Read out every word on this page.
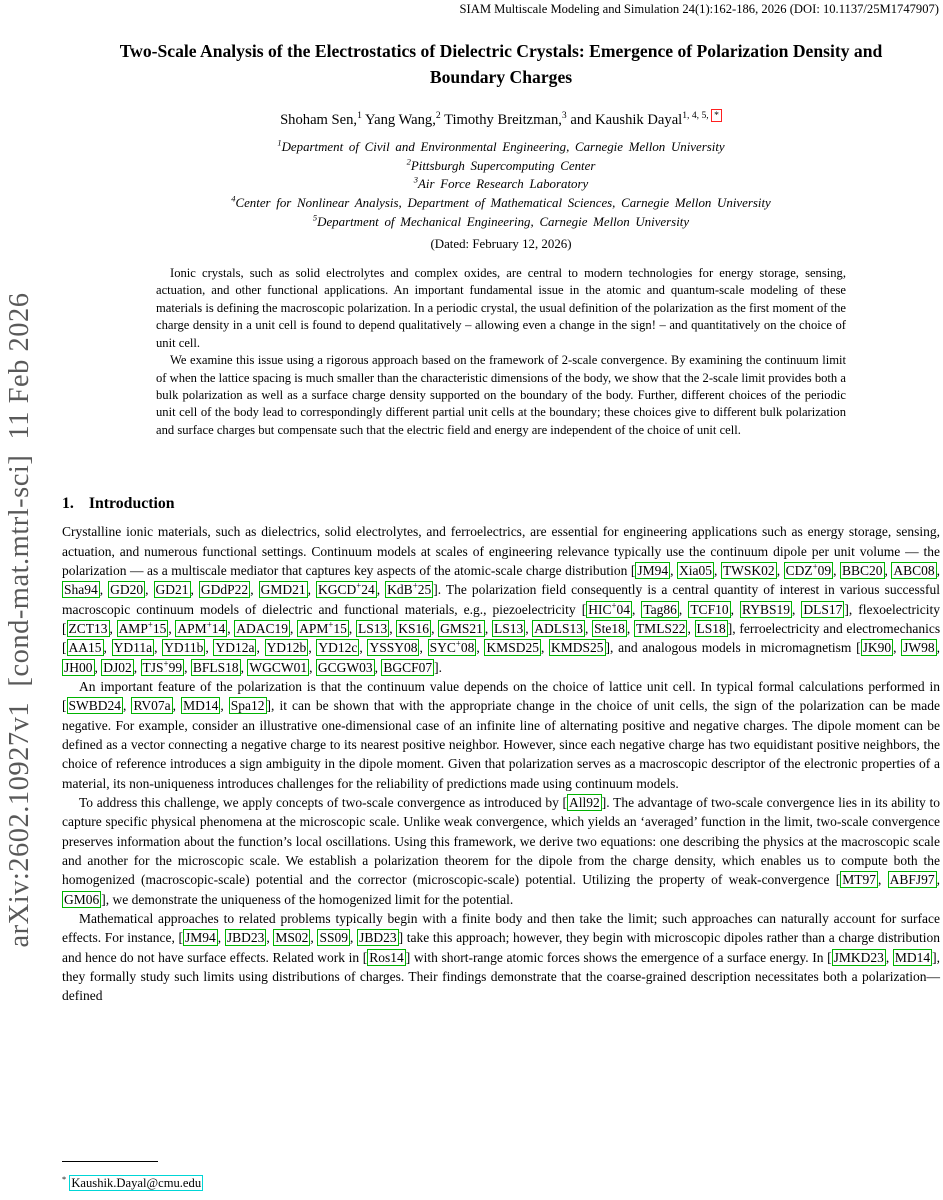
arXiv:2602.10927v1  [cond-mat.mtrl-sci]  11 Feb 2026
SIAM Multiscale Modeling and Simulation 24(1):162-186, 2026 (DOI: 10.1137/25M1747907)
Two-Scale Analysis of the Electrostatics of Dielectric Crystals: Emergence of Polarization Density and Boundary Charges
Shoham Sen,$^1$ Yang Wang,$^2$ Timothy Breitzman,$^3$ and Kaushik Dayal$^{1, 4, 5,}$ *
$^1$Department of Civil and Environmental Engineering, Carnegie Mellon University
$^2$Pittsburgh Supercomputing Center
$^3$Air Force Research Laboratory
$^4$Center for Nonlinear Analysis, Department of Mathematical Sciences, Carnegie Mellon University
$^5$Department of Mechanical Engineering, Carnegie Mellon University
(Dated: February 12, 2026)

Ionic crystals, such as solid electrolytes and complex oxides, are central to modern technologies for energy storage, sensing, actuation, and other functional applications. An important fundamental issue in the atomic and quantum-scale modeling of these materials is defining the macroscopic polarization. In a periodic crystal, the usual definition of the polarization as the first moment of the charge density in a unit cell is found to depend qualitatively – allowing even a change in the sign! – and quantitatively on the choice of unit cell.

We examine this issue using a rigorous approach based on the framework of 2-scale convergence. By examining the continuum limit of when the lattice spacing is much smaller than the characteristic dimensions of the body, we show that the 2-scale limit provides both a bulk polarization as well as a surface charge density supported on the boundary of the body. Further, different choices of the periodic unit cell of the body lead to correspondingly different partial unit cells at the boundary; these choices give to different bulk polarization and surface charges but compensate such that the electric field and energy are independent of the choice of unit cell.

1. Introduction

Crystalline ionic materials, such as dielectrics, solid electrolytes, and ferroelectrics, are essential for engineering applications such as energy storage, sensing, actuation, and numerous functional settings. Continuum models at scales of engineering relevance typically use the continuum dipole per unit volume — the polarization — as a multiscale mediator that captures key aspects of the atomic-scale charge distribution [ JM94 , Xia05 , TWSK02 , CDZ+09 , BBC20 , ABC08 , Sha94 , GD20 , GD21 , GDdP22 , GMD21 , KGCD+24 , KdB+25 ]. The polarization field consequently is a central quantity of interest in various successful macroscopic continuum models of dielectric and functional materials, e.g., piezoelectricity [ HIC+04 , Tag86 , TCF10 , RYBS19 , DLS17 ], flexoelectricity [ ZCT13 , AMP+15 , APM+14 , ADAC19 , APM+15 , LS13 , KS16 , GMS21 , LS13 , ADLS13 , Ste18 , TMLS22 , LS18 ], ferroelectricity and electromechanics [ AA15 , YD11a , YD11b , YD12a , YD12b , YD12c , YSSY08 , SYC+08 , KMSD25 , KMDS25 ], and analogous models in micromagnetism [ JK90 , JW98 , JH00 , DJ02 , TJS+99 , BFLS18 , WGCW01 , GCGW03 , BGCF07 ].

An important feature of the polarization is that the continuum value depends on the choice of lattice unit cell. In typical formal calculations performed in [ SWBD24 , RV07a , MD14 , Spa12 ], it can be shown that with the appropriate change in the choice of unit cells, the sign of the polarization can be made negative. For example, consider an illustrative one-dimensional case of an infinite line of alternating positive and negative charges. The dipole moment can be defined as a vector connecting a negative charge to its nearest positive neighbor. However, since each negative charge has two equidistant positive neighbors, the choice of reference introduces a sign ambiguity in the dipole moment. Given that polarization serves as a macroscopic descriptor of the electronic properties of a material, its non-uniqueness introduces challenges for the reliability of predictions made using continuum models.

To address this challenge, we apply concepts of two-scale convergence as introduced by [ All92 ]. The advantage of two-scale convergence lies in its ability to capture specific physical phenomena at the microscopic scale. Unlike weak convergence, which yields an ‘averaged’ function in the limit, two-scale convergence preserves information about the function’s local oscillations. Using this framework, we derive two equations: one describing the physics at the macroscopic scale and another for the microscopic scale. We establish a polarization theorem for the dipole from the charge density, which enables us to compute both the homogenized (macroscopic-scale) potential and the corrector (microscopic-scale) potential. Utilizing the property of weak-convergence [ MT97 , ABFJ97 , GM06 ], we demonstrate the uniqueness of the homogenized limit for the potential.

Mathematical approaches to related problems typically begin with a finite body and then take the limit; such approaches can naturally account for surface effects. For instance, [ JM94 , JBD23 , MS02 , SS09 , JBD23 ] take this approach; however, they begin with microscopic dipoles rather than a charge distribution and hence do not have surface effects. Related work in [ Ros14 ] with short-range atomic forces shows the emergence of a surface energy. In [ JMKD23 , MD14 ], they formally study such limits using distributions of charges. Their findings demonstrate that the coarse-grained description necessitates both a polarization—defined

* Kaushik.Dayal@cmu.edu
